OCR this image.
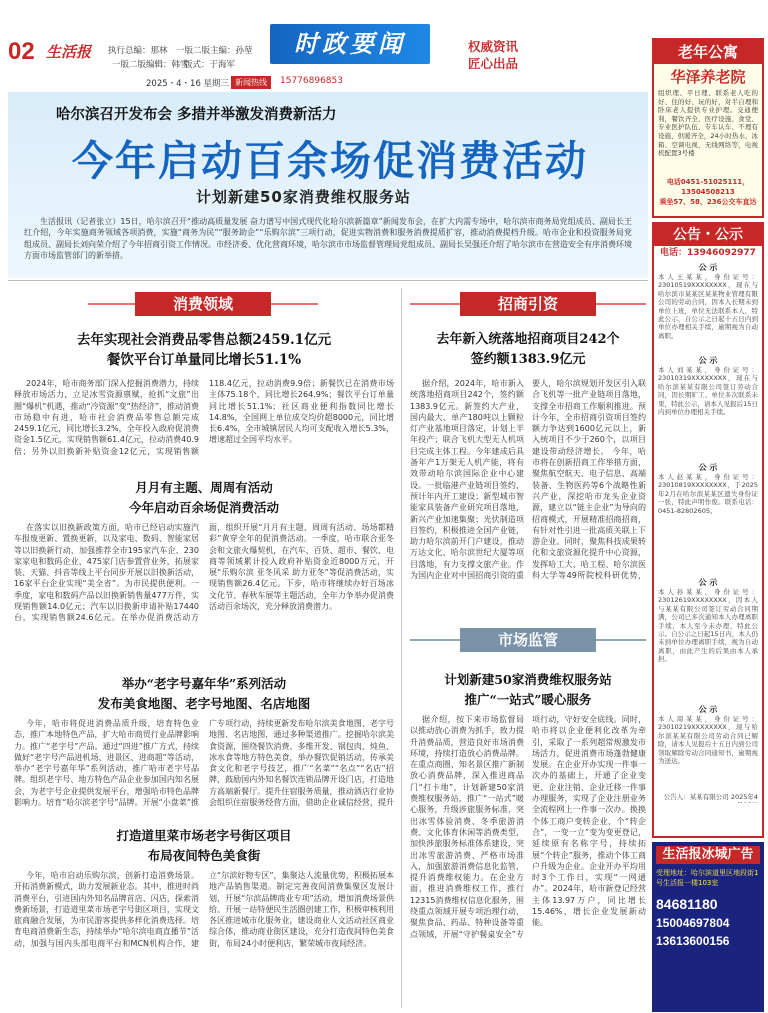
02 生活报 执行总编：那林 一版二版主编：孙堃
一版二版编辑：韩雪
版式：于海军
2025・4・16 星期三 新闻热线	15776896853
时政要闻	权威资讯
匠心出品
哈尔滨召开发布会 多措并举激发消费新活力
今年启动百余场促消费活动
计划新建50家消费维权服务站
生活报讯（记者张立）15日，哈尔滨召开“推动高质量发展 奋力谱写中国式现代化哈尔滨新篇章”新闻发布会，在扩大内需专场中，哈尔滨市商务局党组成员、副局长王红介绍，今年实施商务领域各项消费，实施“商务为民”“服务助企”“乐购尔滨”三项行动，促进实物消费和服务消费提质扩容，推动消费提档升级。哈市企业和投资服务局党组成员、副局长刘向荣介绍了今年招商引资工作情况。市经济委、优化营商环境，哈尔滨市市场监督管理局党组成员、副局长吴强还介绍了哈尔滨市在营造安全有序消费环境方面市场监管部门的新举措。
消费领域
去年实现社会消费品零售总额2459.1亿元
餐饮平台订单量同比增长51.1%
2024年，哈市商务部门深入挖掘消费潜力，持续释放市场活力，立足冰雪资源禀赋，抢抓“文旅”出圈“爆机”机遇，推动“冷资源”变“热经济”，推动消费市场稳中有进，哈市社会消费品零售总额完成2459.1亿元，同比增长3.2%，全年投入政府促消费资金1.5亿元，实现销售额61.4亿元，拉动消费40.9倍；另外以旧换新补贴资金12亿元，实现销售额118.4亿元，拉动消费9.9倍；新餐饮已在消费市场主体75.18个，同比增长264.9%；餐饮平台订单量同比增长51.1%；社区商业便利指数同比增长14.8%，全国网上单位成交均价超8000元，同比增长6.4%，全市城镇居民人均可支配收入增长5.3%，增速超过全国平均水平。
月月有主题、周周有活动
今年启动百余场促消费活动
在落实以旧换新政策方面，哈市已经启动实施汽车报废更新、置换更新，以及家电、数码、智能家居等以旧换新行动，加强推荐全市195家汽车企、230家家电和数码企业、475家门店参置营业务，拓展家装、天猫、抖音等线上平台同步开展以旧换新活动，16家平台企业实现“美全省”。为市民提供便利。一季度，家电和数码产品以旧换新销售量477万件，实现销售额14.0亿元；汽车以旧换新申请补贴17440台，实现销售额24.6亿元。在举办促消费活动方面，组织开展“月月有主题、周周有活动、场场都精彩”黄穿全年的促消费活动。一季度，哈市联合亚冬会和文旅火爆契机，在汽车、百货、超市、餐饮、电商等领域累计投入政府补贴资金近8000万元，开展“乐购尔滨 亚冬风采 助力亚冬”等促消费活动，实现销售额26.4亿元。下步，哈市将继续办好百场冰文化节、春秋车展等主题活动，全年力争举办促消费活动百余场次，充分释放消费潜力。
举办“老字号嘉年华”系列活动
发布美食地图、老字号地图、名店地图
今年，哈市将促进消费品质升级，培育特色业态，推广本地特色产品，扩大哈市商贸行业品牌影响力。推广“老字号”产品。通过“四进”推广方式，持续做好“老字号产品进机场、进景区、进商超”等活动，举办“老字号嘉年华”系列活动，推广哈市老字号品牌。组织老字号、地方特色产品企业参加国内知名展会，为老字号企业提供发展平台，增强哈市特色品牌影响力。培育“哈尔滨老字号”品牌。开展“小盘菜”推广专项行动，持续更新发布哈尔滨美食地图、老字号地图、名店地图，通过多种渠道推广。挖掘哈尔滨美食资源，围绕餐饮消费、多维开发、锅包肉、炖鱼、冰水食等地方特色美食，举办餐饮促销活动，传承美食文化和老字号技艺，推广“名菜”“名点”“名店”招牌，鼓励国内外知名餐饮连锁品牌开设门店，打造地方高端新餐厅。提升住宿服务质量，推动酒店行业协会组织住宿服务经营方面，借助企业诚信经营，提升
打造道里菜市场老字号街区项目
布局夜间特色美食街
今年，哈市启动乐购尔滨，创新打造消费场景。开拓消费新模式，助力发展新业态。其中，推进时尚消费平台，引进国内外知名品牌首店、闪店，探索消费新场景，打造道里菜市场老字号街区项目，实现文旅商融合发展，为市民游客提供多样化消费选择。培育电商消费新生态，持续举办“哈尔滨电商直播节”活动，加强与国内头部电商平台和MCN机构合作，建立“尔滨好物专区”，集聚达人流量优势，积极拓展本地产品销售渠道。制定完善夜间消费集聚区发展计划，开展“尔滨品牌商业专项”活动，增加消费场景供给。开展一站特便民生活圈创建工作，积极审核利用各区推进城市化服务业，建设商业人文活动社区商业综合体，推动商业街区建设，充分打造夜间特色美食街，布局24小时便利店，繁荣城市夜间经济。
招商引资
去年新入统落地招商项目242个
签约额1383.9亿元
据介绍，2024年，哈市新入统落地招商项目242个，签约额1383.9亿元。新签约大产业，国内最大、单产180吨以上颗粒灯产业基地项目落定，计划上半年投产；联合飞机大型无人机项目完成主体工程。今年建成后具备年产1万架无人机产能，将有效带动哈尔滨国际企业中心建设。一批临港产业链项目签约，预计年内开工建设；新型城市智能家具装备产业研究项目落地，新兴产业加速集聚；光伏制造项目签约，积极推进全国产业链，助力哈尔滨前开门户建设，推动万达文化、哈尔滨世纪大厦等项目落地，有力支撑文旅产业。作为国内企业对中国招商引资的重要人，哈尔滨规划开发区引入联合飞机等一批产业链项目落地，支撑全市招商工作顺利推进。预计今年，全市招商引资项目签约额力争达到1600亿元以上，新入统项目不少于260个，以项目建设带动经济增长。 今年，哈市将在创新招商工作举措方面，聚焦航空航天、电子信息、高端装备、生物医药等6个战略性新兴产业，深挖哈市龙头企业资源，建立以“链主企业”为导向的招商模式，开展精准招商招商，有针对性引进一批高质关联上下游企业。同时，聚焦科技成果转化和文旅资源化提升中心资源，发挥哈工大、哈工程、哈尔滨医科大学等49所院校科研优势，
市场监管
计划新建50家消费维权服务站
推广“一站式”暖心服务
据介绍，按下来市场监督局以推动放心消费为抓手，致力提升消费品质，营造良好市场消费环境，持续打造放心消费品牌。在重点商圈、知名景区推广新制放心消费品牌，深入推进商品门“打卡地”，计划新建50家消费维权服务站，推广“一站式”暖心服务，升级涉旅服务标准，突出冰雪体验消费、冬季旅游消费、文化体育休闲等消费类型，加快涉旅服务标准体系建设，突出冰雪旅游消费、严格市场准入，加强旅游消费信息化监管，提升消费维权能力。在企业方面，推进消费维权工作，推行12315消费维权信息化服务，围绕重点领域开展专项治理行动，聚焦食品、药品、特种设备等重点领域，开展“守护餐桌安全”专项行动，守好安全底线。同时，哈市将以企业便利化改革为牵引，采取了一系列超常规激发市场活力，促进消费市场蓬勃健康发展。在企业开办实现一件事一次办的基础上，开通了企业变更、企业注销、企业迁移一件事办理服务，实现了企业注册业务全流程网上一件事一次办。换换个体工商户变转企业，个“转企合”，一变一立”变为变更登记，延续原有名称字号，持续拓展“个转企”服务，推动个体工商户升级为企业。企业开办平均用时3个工作日，实现“一网通办”。2024年，哈市新登记经营主体13.97万户，同比增长15.46%，增长企业发展新动能。
老年公寓
华泽养老院
组织理、平日理、联系老人吃的好、住的好、玩的好，对半自理和卧床老人提供专业护理。交通便利，餐饮齐全，医疗设施、食堂、专业医护队伍、专车认车、不理有设施、供暖齐全，24小时热水，冰箱、空调电视，无线网络等，电视机配置3号楼
电话0451-51025111，13504508213
乘坐57、58、236公交车直达
公告・公示
电话：13946092977
公 示
本人王某某，身份证号：23010519XXXXXXXX，现在与哈尔滨市某某区某某物业管理有限公司的劳动合同，因本人长期未到单位上班，单位无法联系本人，特此公示，自公示之日起十五日内到单位办理相关手续，逾期视为自动离职。
公 示
本人刘某某，身份证号：23010319XXXXXXXX，现在与哈尔滨某某有限公司签订劳动合同，因长期旷工、单位多次联系未果，特此公示，请本人见报后15日内到单位办理相关手续。
公 示
本人赵某某，身份证号：23010819XXXXXXXX，于2025年2月在哈尔滨某某区遗失身份证一张，特此声明作废。联系电话：0451-82802605。
公 示
本人孙某某，身份证号：23012619XXXXXXXX，因本人与某某有限公司签订劳动合同期满，公司已多次通知本人办理离职手续，本人至今未办理，特此公示。自公示之日起15日内，本人仍未到单位办理离职手续，视为自动离职，由此产生的后果由本人承担。
公 示
本人周某某，身份证号：23010219XXXXXXXX，现与哈尔滨某某有限公司劳动合同已解除，请本人见报后十五日内到公司领取解除劳动合同通知书，逾期视为送达。
公告人：某某有限公司 2025年4
生活报冰城广告
受理地址：哈尔滨道里区地段街1号生活报一楼103室
84681180
15004697804
13613600156
